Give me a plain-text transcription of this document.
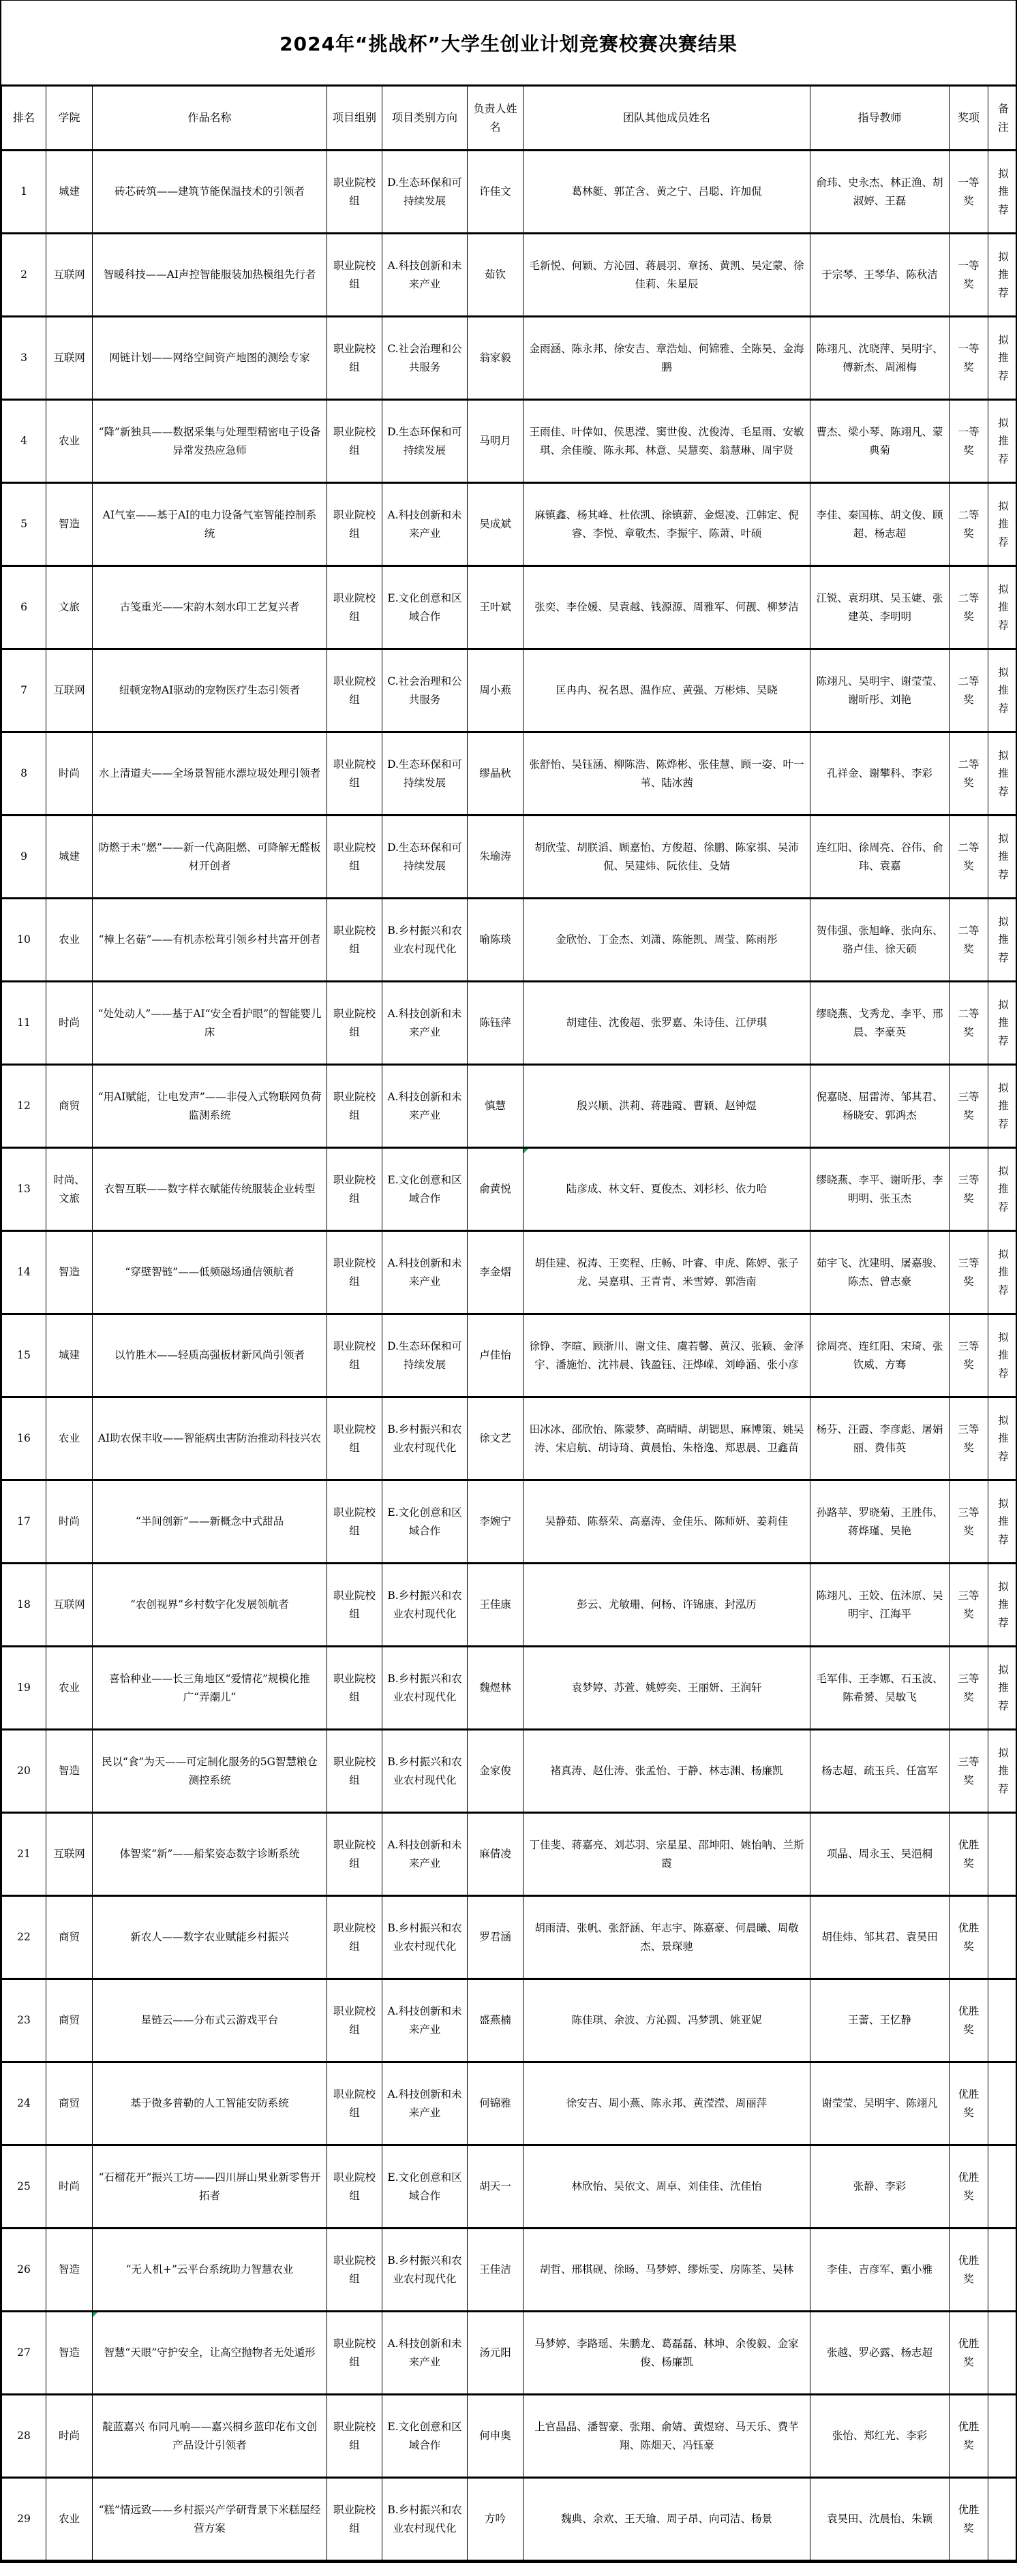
2024年“挑战杯”大学生创业计划竞赛校赛决赛结果
排名	学院	作品名称	项目组别	项目类别方向	负责人姓名	团队其他成员姓名	指导教师	奖项	备注
1	城建	砖芯砖筑——建筑节能保温技术的引领者	职业院校组	D.生态环保和可持续发展	许佳文	葛林艇、郭芷含、黄之宁、吕聪、许加侃	俞玮、史永杰、林正渔、胡淑婷、王磊	一等奖	拟推荐
2	互联网	智暖科技——AI声控智能服装加热模组先行者	职业院校组	A.科技创新和未来产业	茹钦	毛新悦、何颖、方沁园、蒋晨羽、章扬、黄凯、吴定蒙、徐佳莉、朱星辰	于宗琴、王琴华、陈秋洁	一等奖	拟推荐
3	互联网	网链计划——网络空间资产地图的测绘专家	职业院校组	C.社会治理和公共服务	翁家毅	金雨涵、陈永邦、徐安吉、章浩灿、何锦雅、全陈昊、金海鹏	陈翊凡、沈晓萍、吴明宇、傅新杰、周湘梅	一等奖	拟推荐
4	农业	“降”新独具——数据采集与处理型精密电子设备异常发热应急师	职业院校组	D.生态环保和可持续发展	马明月	王雨佳、叶倖如、侯思滢、窦世俊、沈俊涛、毛星雨、安敏琪、余佳璇、陈永邦、林意、吴慧奕、翁慧琳、周宇贤	曹杰、梁小琴、陈翊凡、蒙典菊	一等奖	拟推荐
5	智造	AI气室——基于AI的电力设备气室智能控制系统	职业院校组	A.科技创新和未来产业	吴成斌	麻镇鑫、杨其峰、杜依凯、徐镇薪、金煜凌、江韩定、倪睿、李悦、章敬杰、李振宇、陈萧、叶硕	李佳、秦国栋、胡文俊、顾超、杨志超	二等奖	拟推荐
6	文旅	古笺重光——宋韵木刻水印工艺复兴者	职业院校组	E.文化创意和区域合作	王叶斌	张奕、李佺媛、吴袁越、钱源源、周雅军、何靓、柳梦洁	江锐、袁玥琪、吴玉婕、张建英、李明明	二等奖	拟推荐
7	互联网	纽顿宠物AI驱动的宠物医疗生态引领者	职业院校组	C.社会治理和公共服务	周小燕	匡冉冉、祝名恩、温作应、黄强、万彬炜、吴晓	陈翊凡、吴明宇、谢莹莹、谢昕彤、刘艳	二等奖	拟推荐
8	时尚	水上清道夫——全场景智能水漂垃圾处理引领者	职业院校组	D.生态环保和可持续发展	缪晶秋	张舒怡、吴钰涵、柳陈浩、陈烨彬、张佳慧、顾一姿、叶一苇、陆冰茜	孔祥金、谢攀科、李彩	二等奖	拟推荐
9	城建	防燃于未“燃”——新一代高阻燃、可降解无醛板材开创者	职业院校组	D.生态环保和可持续发展	朱瑜涛	胡欣莹、胡朕滔、顾嘉怡、方俊超、徐鹏、陈家祺、吴沛侃、吴建炜、阮依佳、殳婧	连红阳、徐周亮、谷伟、俞玮、袁嘉	二等奖	拟推荐
10	农业	“樟上名菇”——有机赤松茸引领乡村共富开创者	职业院校组	B.乡村振兴和农业农村现代化	喻陈琰	金欣怡、丁金杰、刘潇、陈能凯、周莹、陈雨彤	贺伟强、张旭峰、张向东、骆卢佳、徐天硕	二等奖	拟推荐
11	时尚	“处处动人”——基于AI“安全看护眼”的智能婴儿床	职业院校组	A.科技创新和未来产业	陈钰萍	胡建佳、沈俊超、张罗嘉、朱诗佳、江伊琪	缪晓燕、戈秀龙、李平、邢晨、李豪英	二等奖	拟推荐
12	商贸	“用AI赋能，让电发声”——非侵入式物联网负荷监测系统	职业院校组	A.科技创新和未来产业	慎慧	殷兴顺、洪莉、蒋韪霞、曹颖、赵钟煜	倪嘉晓、屈雷涛、邹其君、杨晓安、郭鸿杰	三等奖	拟推荐
13	时尚、文旅	衣智互联——数字样衣赋能传统服装企业转型	职业院校组	E.文化创意和区域合作	俞黄悦	陆彦成、林文轩、夏俊杰、刘杉杉、依力哈	缪晓燕、李平、谢昕彤、李明明、张玉杰	三等奖	拟推荐
14	智造	“穿壁智链”——低频磁场通信领航者	职业院校组	A.科技创新和未来产业	李金熠	胡佳建、祝涛、王奕程、庄畅、叶睿、申虎、陈婷、张子龙、吴嘉琪、王青青、米雪婷、郭浩南	茹宇飞、沈建明、屠嘉骏、陈杰、曾志豪	三等奖	拟推荐
15	城建	以竹胜木——轻质高强板材新风尚引领者	职业院校组	D.生态环保和可持续发展	卢佳怡	徐铮、李暄、顾浙川、谢文佳、虞若馨、黄汉、张颖、金泽宇、潘施怡、沈祎晨、钱盈钰、汪烨嵘、刘峥涵、张小彦	徐周亮、连红阳、宋琦、张钦威、方骞	三等奖	拟推荐
16	农业	AI助农保丰收——智能病虫害防治推动科技兴农	职业院校组	B.乡村振兴和农业农村现代化	徐文艺	田冰冰、邵欣怡、陈蒙梦、高晴晴、胡锶思、麻博策、姚吴涛、宋启航、胡诗琦、黄晨怡、朱格逸、郑思晨、卫鑫苗	杨芬、汪霞、李彦彪、屠娟丽、费伟英	三等奖	拟推荐
17	时尚	“半间创新”——新概念中式甜品	职业院校组	E.文化创意和区域合作	李婉宁	吴静茹、陈蔡荣、高嘉涛、金佳乐、陈师妍、姜莉佳	孙路苹、罗晓菊、王胜伟、蒋烨瑾、吴艳	三等奖	拟推荐
18	互联网	“农创视界”乡村数字化发展领航者	职业院校组	B.乡村振兴和农业农村现代化	王佳康	彭云、尤敏珊、何杨、许锦康、封泓历	陈翊凡、王姣、伍沐原、吴明宇、江海平	三等奖	拟推荐
19	农业	喜恰种业——长三角地区“爱情花”规模化推广“弄潮儿”	职业院校组	B.乡村振兴和农业农村现代化	魏煜林	袁梦婷、苏萱、姚婷奕、王丽妍、王润轩	毛军伟、王李娜、石玉波、陈希赟、吴敏飞	三等奖	拟推荐
20	智造	民以“食”为天——可定制化服务的5G智慧粮仓测控系统	职业院校组	B.乡村振兴和农业农村现代化	金家俊	褚真涛、赵仕涛、张孟怡、于静、林志渊、杨廉凯	杨志超、疏玉兵、任富军	三等奖	拟推荐
21	互联网	体智桨“新”——船桨姿态数字诊断系统	职业院校组	A.科技创新和未来产业	麻倩凌	丁佳斐、蒋嘉亮、刘芯羽、宗星星、邵坤阳、姚怡呐、兰斯霞	项晶、周永玉、吴浥桐	优胜奖	
22	商贸	新农人——数字农业赋能乡村振兴	职业院校组	B.乡村振兴和农业农村现代化	罗君涵	胡雨清、张帆、张舒涵、年志宇、陈嘉豪、何晨曦、周敬杰、景琛驰	胡佳炜、邹其君、袁昊田	优胜奖	
23	商贸	星链云——分布式云游戏平台	职业院校组	A.科技创新和未来产业	盛燕楠	陈佳琪、余波、方沁圆、冯梦凯、姚亚妮	王蕾、王忆静	优胜奖	
24	商贸	基于微多普勒的人工智能安防系统	职业院校组	A.科技创新和未来产业	何锦雅	徐安吉、周小燕、陈永邦、黄滢滢、周丽萍	谢莹莹、吴明宇、陈翊凡	优胜奖	
25	时尚	“石榴花开”振兴工坊——四川屏山果业新零售开拓者	职业院校组	E.文化创意和区域合作	胡天一	林欣怡、吴依文、周卓、刘佳佳、沈佳怡	张静、李彩	优胜奖	
26	智造	“无人机+”云平台系统助力智慧农业	职业院校组	B.乡村振兴和农业农村现代化	王佳洁	胡哲、邢棋砚、徐旸、马梦婷、缪烁雯、房陈荃、吴林	李佳、吉彦军、甄小雅	优胜奖	
27	智造	智慧“天眼”守护安全，让高空抛物者无处遁形	职业院校组	A.科技创新和未来产业	汤元阳	马梦婷、李路瑶、朱鹏龙、葛磊磊、林坤、余俊毅、金家俊、杨廉凯	张越、罗必露、杨志超	优胜奖	
28	时尚	靛蓝嘉兴 布同凡响——嘉兴桐乡蓝印花布文创产品设计引领者	职业院校组	E.文化创意和区域合作	何申奥	上官晶晶、潘智豪、张翔、俞婧、黄煜窈、马天乐、费芊翔、陈畑天、冯钰豪	张怡、郑红光、李彩	优胜奖	
29	农业	“糕”情远致——乡村振兴产学研背景下米糕屋经营方案	职业院校组	B.乡村振兴和农业农村现代化	方吟	魏典、余欢、王天瑜、周子昂、向司洁、杨景	袁昊田、沈晨怡、朱颖	优胜奖	
